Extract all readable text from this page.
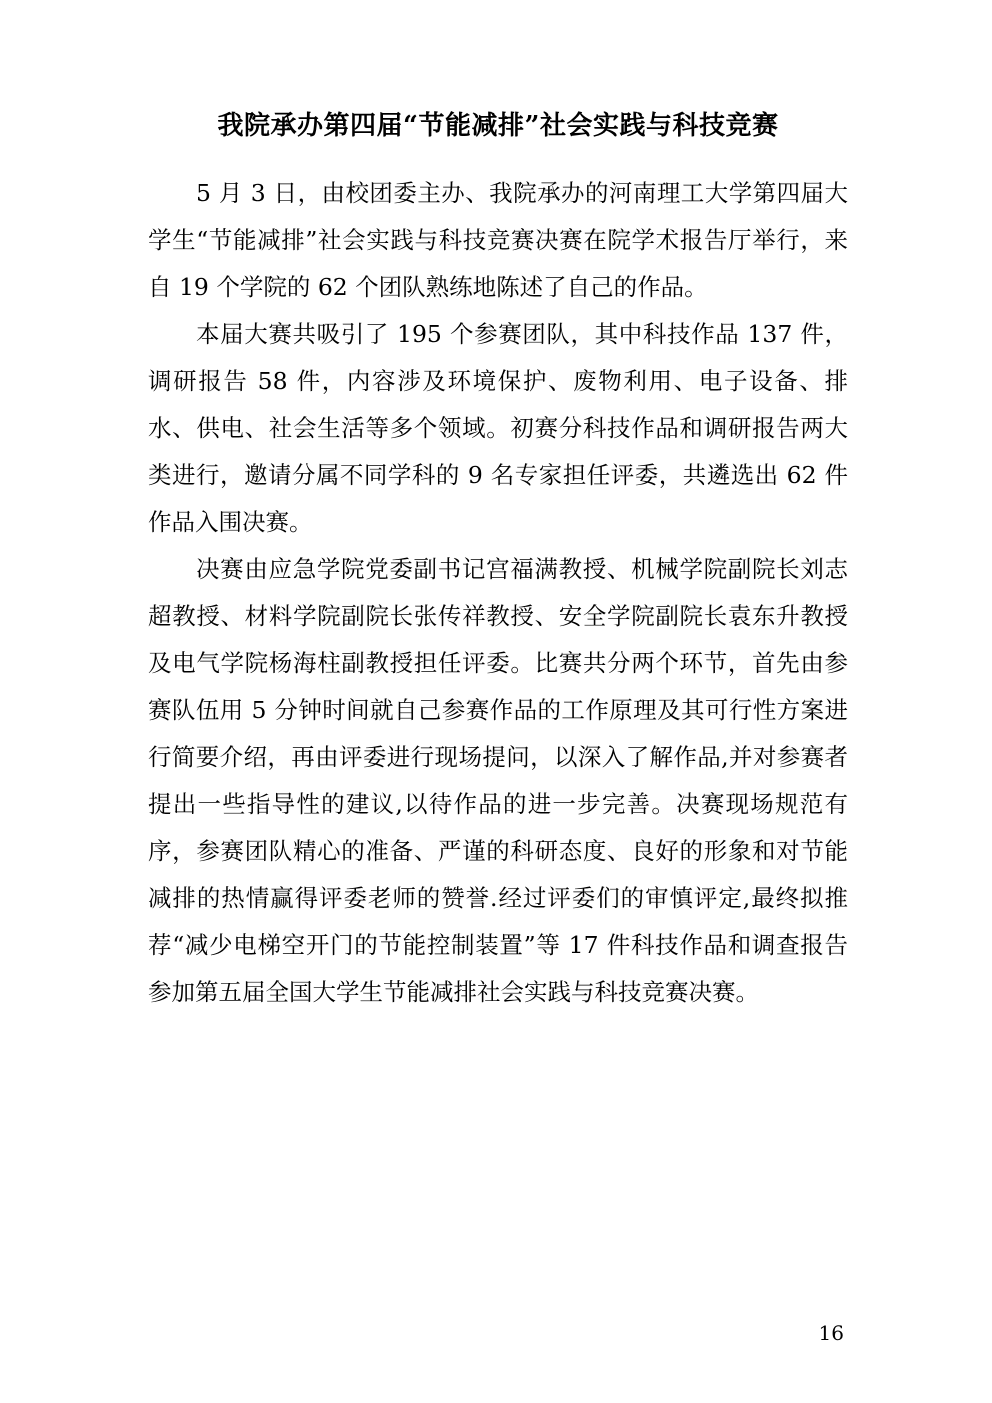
我院承办第四届“节能减排”社会实践与科技竞赛

5 月 3 日，由校团委主办、我院承办的河南理工大学第四届大学生“节能减排”社会实践与科技竞赛决赛在院学术报告厅举行，来自 19 个学院的 62 个团队熟练地陈述了自己的作品。

本届大赛共吸引了 195 个参赛团队，其中科技作品 137 件，调研报告 58 件，内容涉及环境保护、废物利用、电子设备、排水、供电、社会生活等多个领域。初赛分科技作品和调研报告两大类进行，邀请分属不同学科的 9 名专家担任评委，共遴选出 62 件作品入围决赛。

决赛由应急学院党委副书记宫福满教授、机械学院副院长刘志超教授、材料学院副院长张传祥教授、安全学院副院长袁东升教授及电气学院杨海柱副教授担任评委。比赛共分两个环节，首先由参赛队伍用 5 分钟时间就自己参赛作品的工作原理及其可行性方案进行简要介绍，再由评委进行现场提问，以深入了解作品,并对参赛者提出一些指导性的建议,以待作品的进一步完善。决赛现场规范有序，参赛团队精心的准备、严谨的科研态度、良好的形象和对节能减排的热情赢得评委老师的赞誉.经过评委们的审慎评定,最终拟推荐“减少电梯空开门的节能控制装置”等 17 件科技作品和调查报告参加第五届全国大学生节能减排社会实践与科技竞赛决赛。

16
